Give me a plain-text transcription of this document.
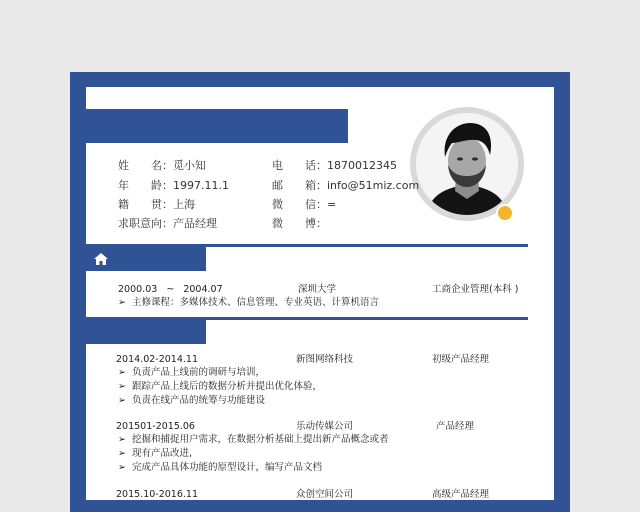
姓　　名：觅小知
年　　龄：1997.11.1
籍　　贯：上海
求职意向：产品经理
电　　话：1870012345
邮　　箱：info@51miz.com
微　　信：=
微　　博：
2000.03 ~ 2004.07	深圳大学	工商企业管理(本科 )
➢ 主修课程：多媒体技术、信息管理、专业英语、计算机语言
2014.02-2014.11	新图网络科技	初级产品经理
➢ 负责产品上线前的调研与培训，
➢ 跟踪产品上线后的数据分析并提出优化体验，
➢ 负责在线产品的统筹与功能建设
201501-2015.06	乐动传媒公司	产品经理
➢ 挖掘和捕捉用户需求，在数据分析基础上提出新产品概念或者
➢ 现有产品改进,
➢ 完成产品具体功能的原型设计，编写产品文档
2015.10-2016.11	众创空间公司	高级产品经理
